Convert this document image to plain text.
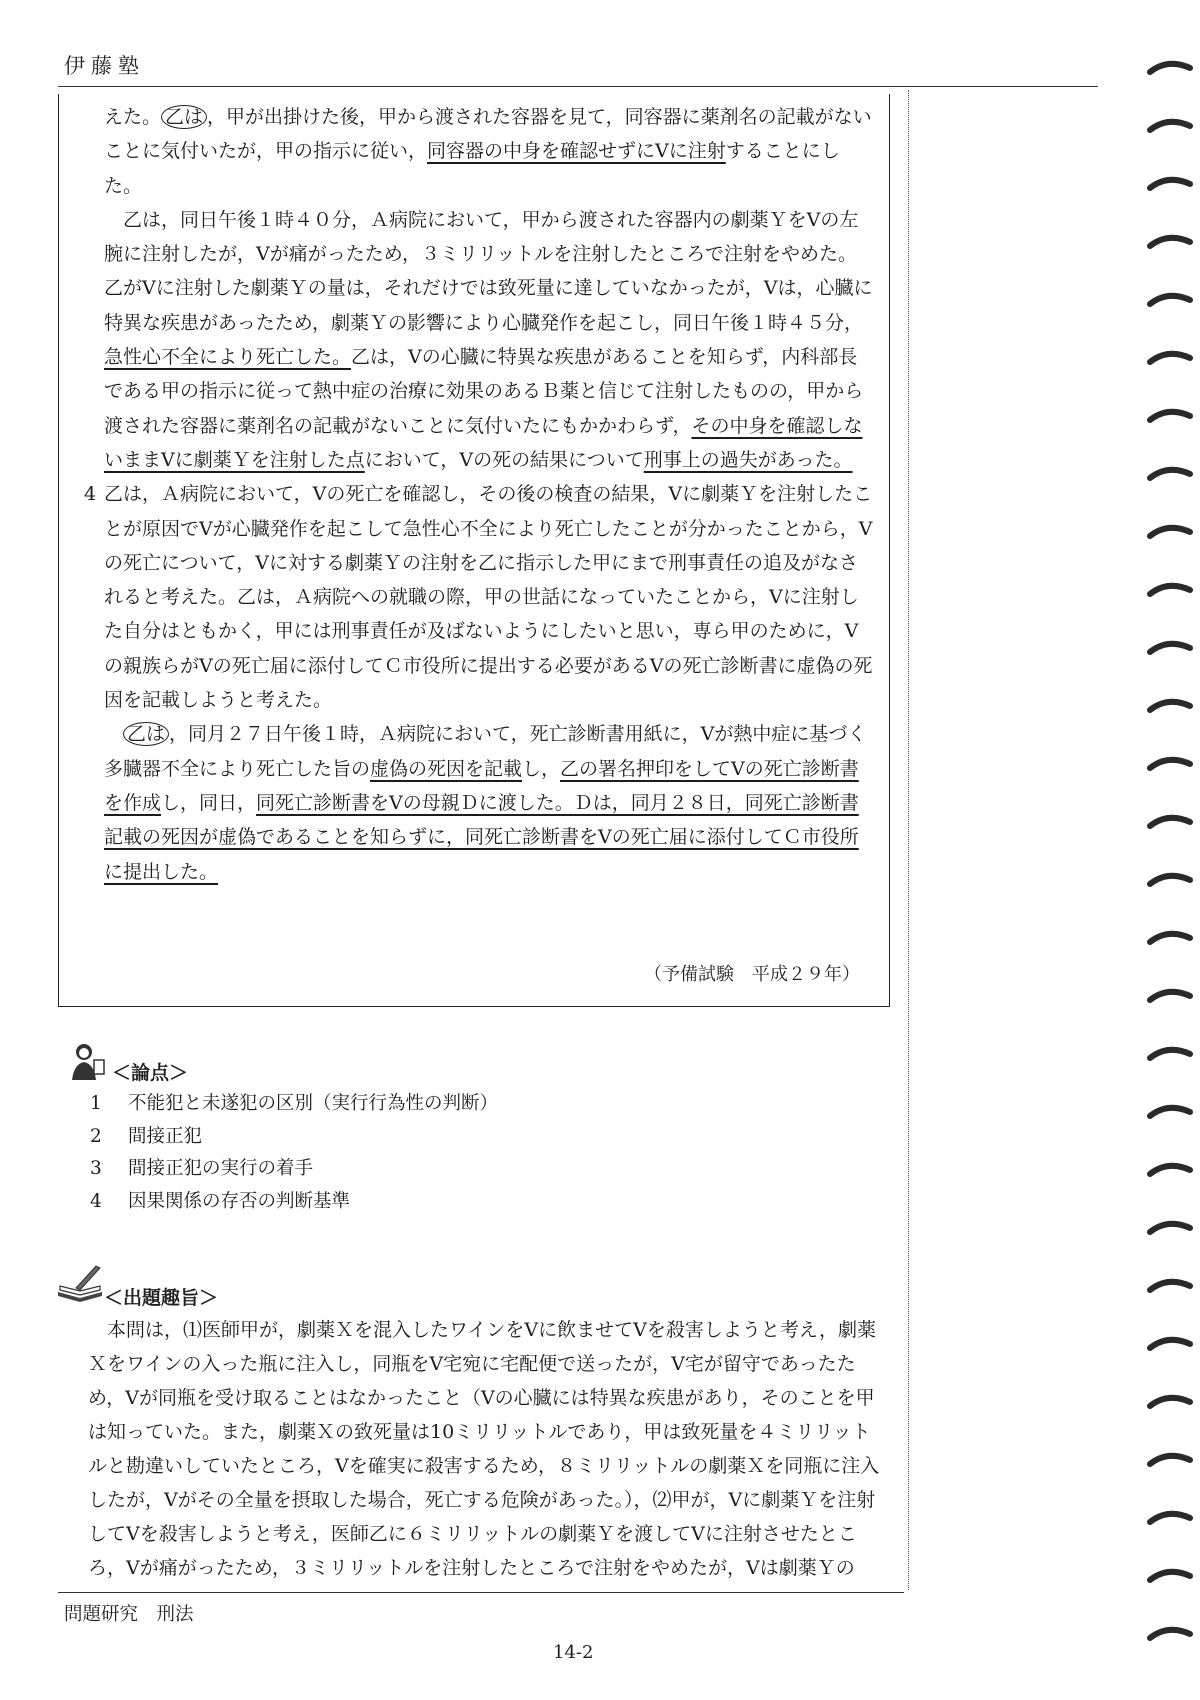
伊藤塾

えた。 乙は ，甲が出掛けた後，甲から渡された容器を見て，同容器に薬剤名の記載がないことに気付いたが，甲の指示に従い，同容器の中身を確認せずにVに注射することにした。

乙は，同日午後１時４０分，Ａ病院において，甲から渡された容器内の劇薬ＹをVの左腕に注射したが，Vが痛がったため，３ミリリットルを注射したところで注射をやめた。乙がVに注射した劇薬Ｙの量は，それだけでは致死量に達していなかったが，Vは，心臓に特異な疾患があったため，劇薬Ｙの影響により心臓発作を起こし，同日午後１時４５分，急性心不全により死亡した。乙は，Vの心臓に特異な疾患があることを知らず，内科部長である甲の指示に従って熱中症の治療に効果のあるＢ薬と信じて注射したものの，甲から渡された容器に薬剤名の記載がないことに気付いたにもかかわらず，その中身を確認しないままVに劇薬Ｙを注射した点において，Vの死の結果について刑事上の過失があった。

4 乙は，Ａ病院において，Vの死亡を確認し，その後の検査の結果，Vに劇薬Ｙを注射したことが原因でVが心臓発作を起こして急性心不全により死亡したことが分かったことから，Vの死亡について，Vに対する劇薬Ｙの注射を乙に指示した甲にまで刑事責任の追及がなされると考えた。乙は，Ａ病院への就職の際，甲の世話になっていたことから，Vに注射した自分はともかく，甲には刑事責任が及ばないようにしたいと思い，専ら甲のために，Vの親族らがVの死亡届に添付してＣ市役所に提出する必要があるVの死亡診断書に虚偽の死因を記載しようと考えた。

乙は ，同月２７日午後１時，Ａ病院において，死亡診断書用紙に，Vが熱中症に基づく多臓器不全により死亡した旨の虚偽の死因を記載し，乙の署名押印をしてVの死亡診断書を作成し，同日，同死亡診断書をVの母親Ｄに渡した。Ｄは，同月２８日，同死亡診断書記載の死因が虚偽であることを知らずに，同死亡診断書をVの死亡届に添付してＣ市役所に提出した。

（予備試験　平成２９年）
＜論点＞
1	不能犯と未遂犯の区別（実行行為性の判断）
2	間接正犯
3	間接正犯の実行の着手
4	因果関係の存否の判断基準
＜出題趣旨＞

本問は，⑴医師甲が，劇薬Ｘを混入したワインをVに飲ませてVを殺害しようと考え，劇薬Ｘをワインの入った瓶に注入し，同瓶をV宅宛に宅配便で送ったが，V宅が留守であったため，Vが同瓶を受け取ることはなかったこと（Vの心臓には特異な疾患があり，そのことを甲は知っていた。また，劇薬Ｘの致死量は10ミリリットルであり，甲は致死量を４ミリリットルと勘違いしていたところ，Vを確実に殺害するため，８ミリリットルの劇薬Ｘを同瓶に注入したが，Vがその全量を摂取した場合，死亡する危険があった。），⑵甲が，Vに劇薬Ｙを注射してVを殺害しようと考え，医師乙に６ミリリットルの劇薬Ｙを渡してVに注射させたところ，Vが痛がったため，３ミリリットルを注射したところで注射をやめたが，Vは劇薬Ｙの

問題研究　刑法
14-2
